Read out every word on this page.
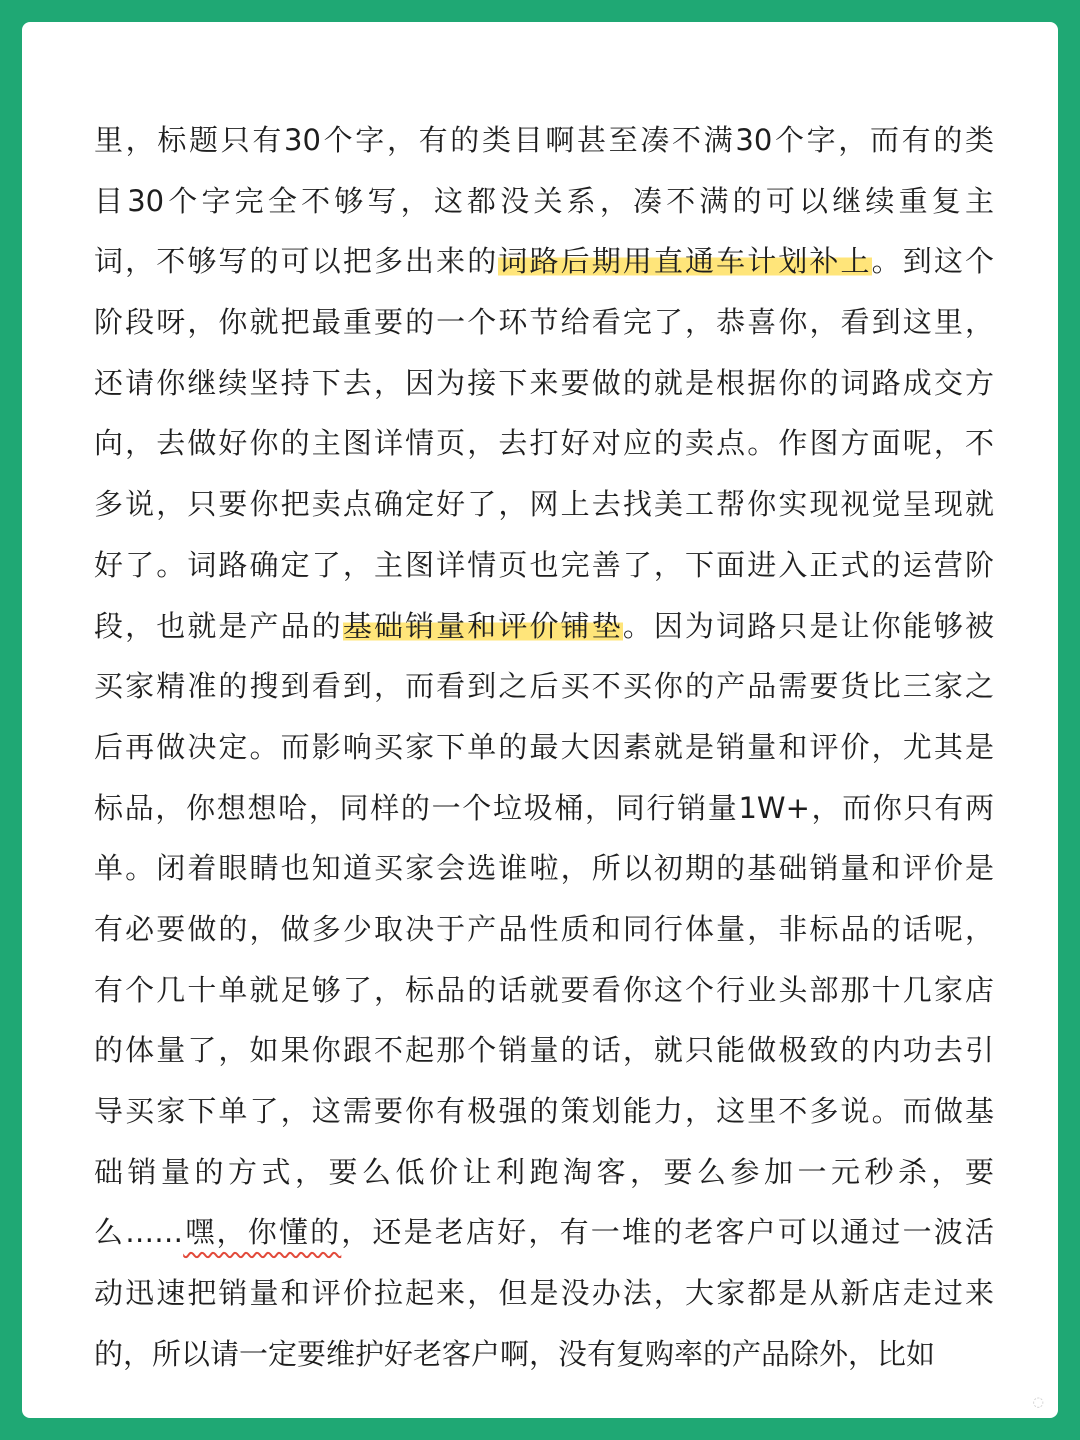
里，标题只有30个字，有的类目啊甚至凑不满30个字，而有的类
目30个字完全不够写，这都没关系，凑不满的可以继续重复主
词，不够写的可以把多出来的词路后期用直通车计划补上。到这个
阶段呀，你就把最重要的一个环节给看完了，恭喜你，看到这里，
还请你继续坚持下去，因为接下来要做的就是根据你的词路成交方
向，去做好你的主图详情页，去打好对应的卖点。作图方面呢，不
多说，只要你把卖点确定好了，网上去找美工帮你实现视觉呈现就
好了。词路确定了，主图详情页也完善了，下面进入正式的运营阶
段，也就是产品的基础销量和评价铺垫。因为词路只是让你能够被
买家精准的搜到看到，而看到之后买不买你的产品需要货比三家之
后再做决定。而影响买家下单的最大因素就是销量和评价，尤其是
标品，你想想哈，同样的一个垃圾桶，同行销量1W+，而你只有两
单。闭着眼睛也知道买家会选谁啦，所以初期的基础销量和评价是
有必要做的，做多少取决于产品性质和同行体量，非标品的话呢，
有个几十单就足够了，标品的话就要看你这个行业头部那十几家店
的体量了，如果你跟不起那个销量的话，就只能做极致的内功去引
导买家下单了，这需要你有极强的策划能力，这里不多说。而做基
础销量的方式，要么低价让利跑淘客，要么参加一元秒杀，要
么……嘿，你懂的，还是老店好，有一堆的老客户可以通过一波活
动迅速把销量和评价拉起来，但是没办法，大家都是从新店走过来
的，所以请一定要维护好老客户啊，没有复购率的产品除外，比如
◌
